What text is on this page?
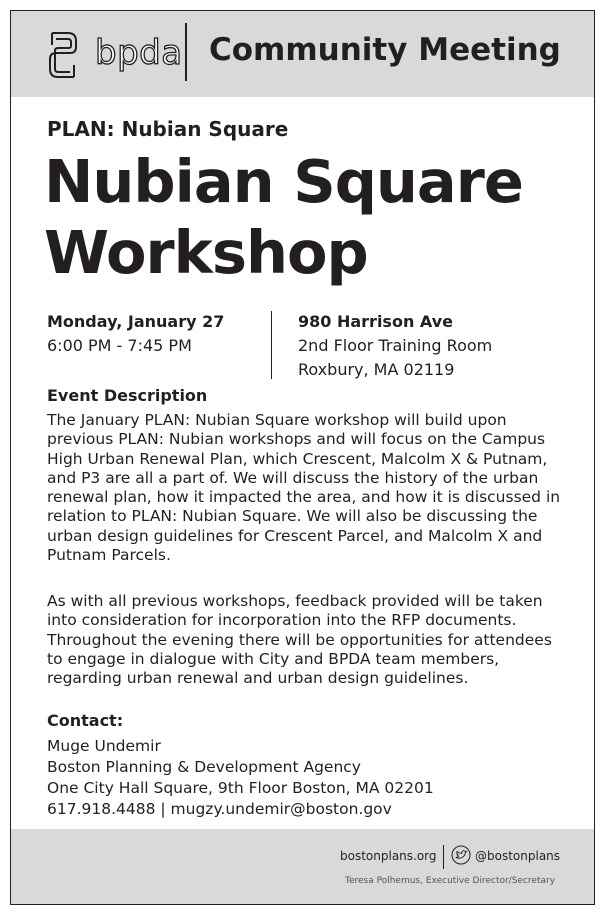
bpda Community Meeting
PLAN: Nubian Square
Nubian Square
Workshop
Monday, January 27
6:00 PM - 7:45 PM
980 Harrison Ave
2nd Floor Training Room
Roxbury, MA 02119
Event Description

The January PLAN: Nubian Square workshop will build upon previous PLAN: Nubian workshops and will focus on the Campus High Urban Renewal Plan, which Crescent, Malcolm X & Putnam, and P3 are all a part of. We will discuss the history of the urban renewal plan, how it impacted the area, and how it is discussed in relation to PLAN: Nubian Square. We will also be discussing the urban design guidelines for Crescent Parcel, and Malcolm X and Putnam Parcels.

As with all previous workshops, feedback provided will be taken into consideration for incorporation into the RFP documents. Throughout the evening there will be opportunities for attendees to engage in dialogue with City and BPDA team members, regarding urban renewal and urban design guidelines.

Contact:
Muge Undemir
Boston Planning & Development Agency
One City Hall Square, 9th Floor Boston, MA 02201
617.918.4488 | mugzy.undemir@boston.gov
bostonplans.org	@bostonplans
Teresa Polhemus, Executive Director/Secretary
